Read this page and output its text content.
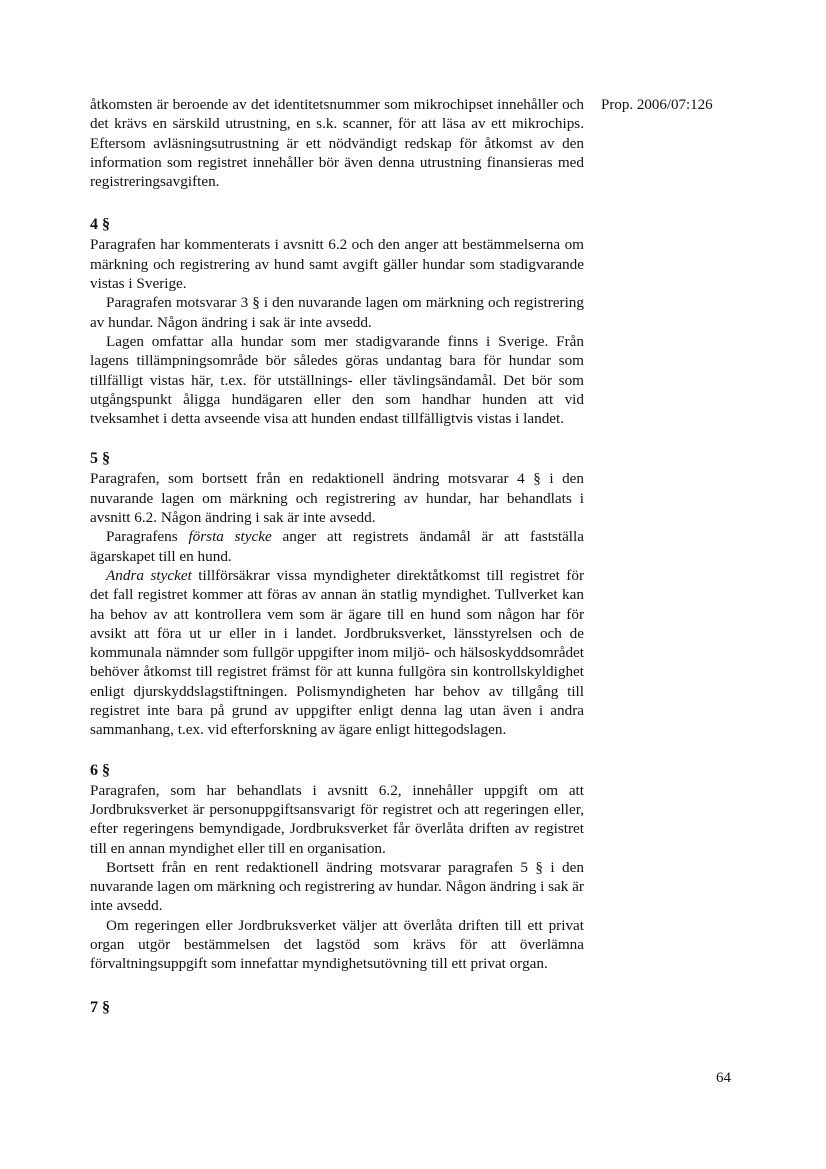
Prop. 2006/07:126

åtkomsten är beroende av det identitetsnummer som mikrochipset innehåller och det krävs en särskild utrustning, en s.k. scanner, för att läsa av ett mikrochips. Eftersom avläsningsutrustning är ett nödvändigt redskap för åtkomst av den information som registret innehåller bör även denna utrustning finansieras med registreringsavgiften.

4 §

Paragrafen har kommenterats i avsnitt 6.2 och den anger att bestämmelserna om märkning och registrering av hund samt avgift gäller hundar som stadigvarande vistas i Sverige.

Paragrafen motsvarar 3 § i den nuvarande lagen om märkning och registrering av hundar. Någon ändring i sak är inte avsedd.

Lagen omfattar alla hundar som mer stadigvarande finns i Sverige. Från lagens tillämpningsområde bör således göras undantag bara för hundar som tillfälligt vistas här, t.ex. för utställnings- eller tävlingsändamål. Det bör som utgångspunkt åligga hundägaren eller den som handhar hunden att vid tveksamhet i detta avseende visa att hunden endast tillfälligtvis vistas i landet.

5 §

Paragrafen, som bortsett från en redaktionell ändring motsvarar 4 § i den nuvarande lagen om märkning och registrering av hundar, har behandlats i avsnitt 6.2. Någon ändring i sak är inte avsedd.

Paragrafens första stycke anger att registrets ändamål är att fastställa ägarskapet till en hund.

Andra stycket tillförsäkrar vissa myndigheter direktåtkomst till registret för det fall registret kommer att föras av annan än statlig myndighet. Tullverket kan ha behov av att kontrollera vem som är ägare till en hund som någon har för avsikt att föra ut ur eller in i landet. Jordbruksverket, länsstyrelsen och de kommunala nämnder som fullgör uppgifter inom miljö- och hälsoskyddsområdet behöver åtkomst till registret främst för att kunna fullgöra sin kontrollskyldighet enligt djurskyddslagstiftningen. Polismyndigheten har behov av tillgång till registret inte bara på grund av uppgifter enligt denna lag utan även i andra sammanhang, t.ex. vid efterforskning av ägare enligt hittegodslagen.

6 §

Paragrafen, som har behandlats i avsnitt 6.2, innehåller uppgift om att Jordbruksverket är personuppgiftsansvarigt för registret och att regeringen eller, efter regeringens bemyndigade, Jordbruksverket får överlåta driften av registret till en annan myndighet eller till en organisation.

Bortsett från en rent redaktionell ändring motsvarar paragrafen 5 § i den nuvarande lagen om märkning och registrering av hundar. Någon ändring i sak är inte avsedd.

Om regeringen eller Jordbruksverket väljer att överlåta driften till ett privat organ utgör bestämmelsen det lagstöd som krävs för att överlämna förvaltningsuppgift som innefattar myndighetsutövning till ett privat organ.

7 §
64
